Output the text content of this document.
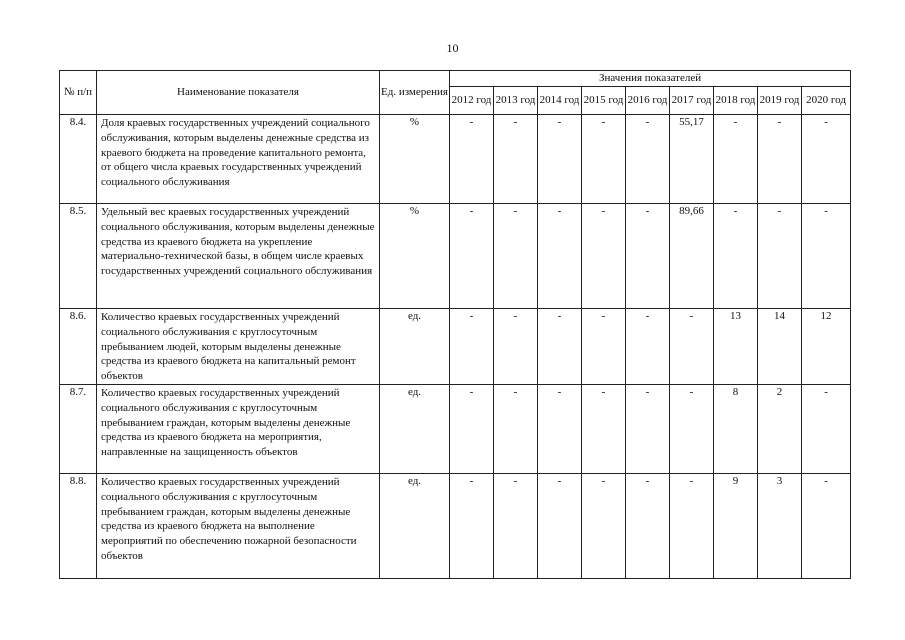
10
№ п/п	Наименование показателя	Ед. измерения	Значения показателей								
			2012 год	2013 год	2014 год	2015 год	2016 год	2017 год	2018 год	2019 год	2020 год
8.4.	Доля краевых государственных учреждений социального обслуживания, которым выделены денежные средства из краевого бюджета на проведение капитального ремонта, от общего числа краевых государственных учреждений социального обслуживания	%	-	-	-	-	-	55,17	-	-	-
8.5.	Удельный вес краевых государственных учреждений социального обслуживания, которым выделены денежные средства из краевого бюджета на укрепление материально-технической базы, в общем числе краевых государственных учреждений социального обслуживания	%	-	-	-	-	-	89,66	-	-	-
8.6.	Количество краевых государственных учреждений социального обслуживания с круглосуточным пребыванием людей, которым выделены денежные средства из краевого бюджета на капитальный ремонт объектов	ед.	-	-	-	-	-	-	13	14	12
8.7.	Количество краевых государственных учреждений социального обслуживания с круглосуточным пребыванием граждан, которым выделены денежные средства из краевого бюджета на мероприятия, направленные на защищенность объектов	ед.	-	-	-	-	-	-	8	2	-
8.8.	Количество краевых государственных учреждений социального обслуживания с круглосуточным пребыванием граждан, которым выделены денежные средства из краевого бюджета на выполнение мероприятий по обеспечению пожарной безопасности объектов	ед.	-	-	-	-	-	-	9	3	-
